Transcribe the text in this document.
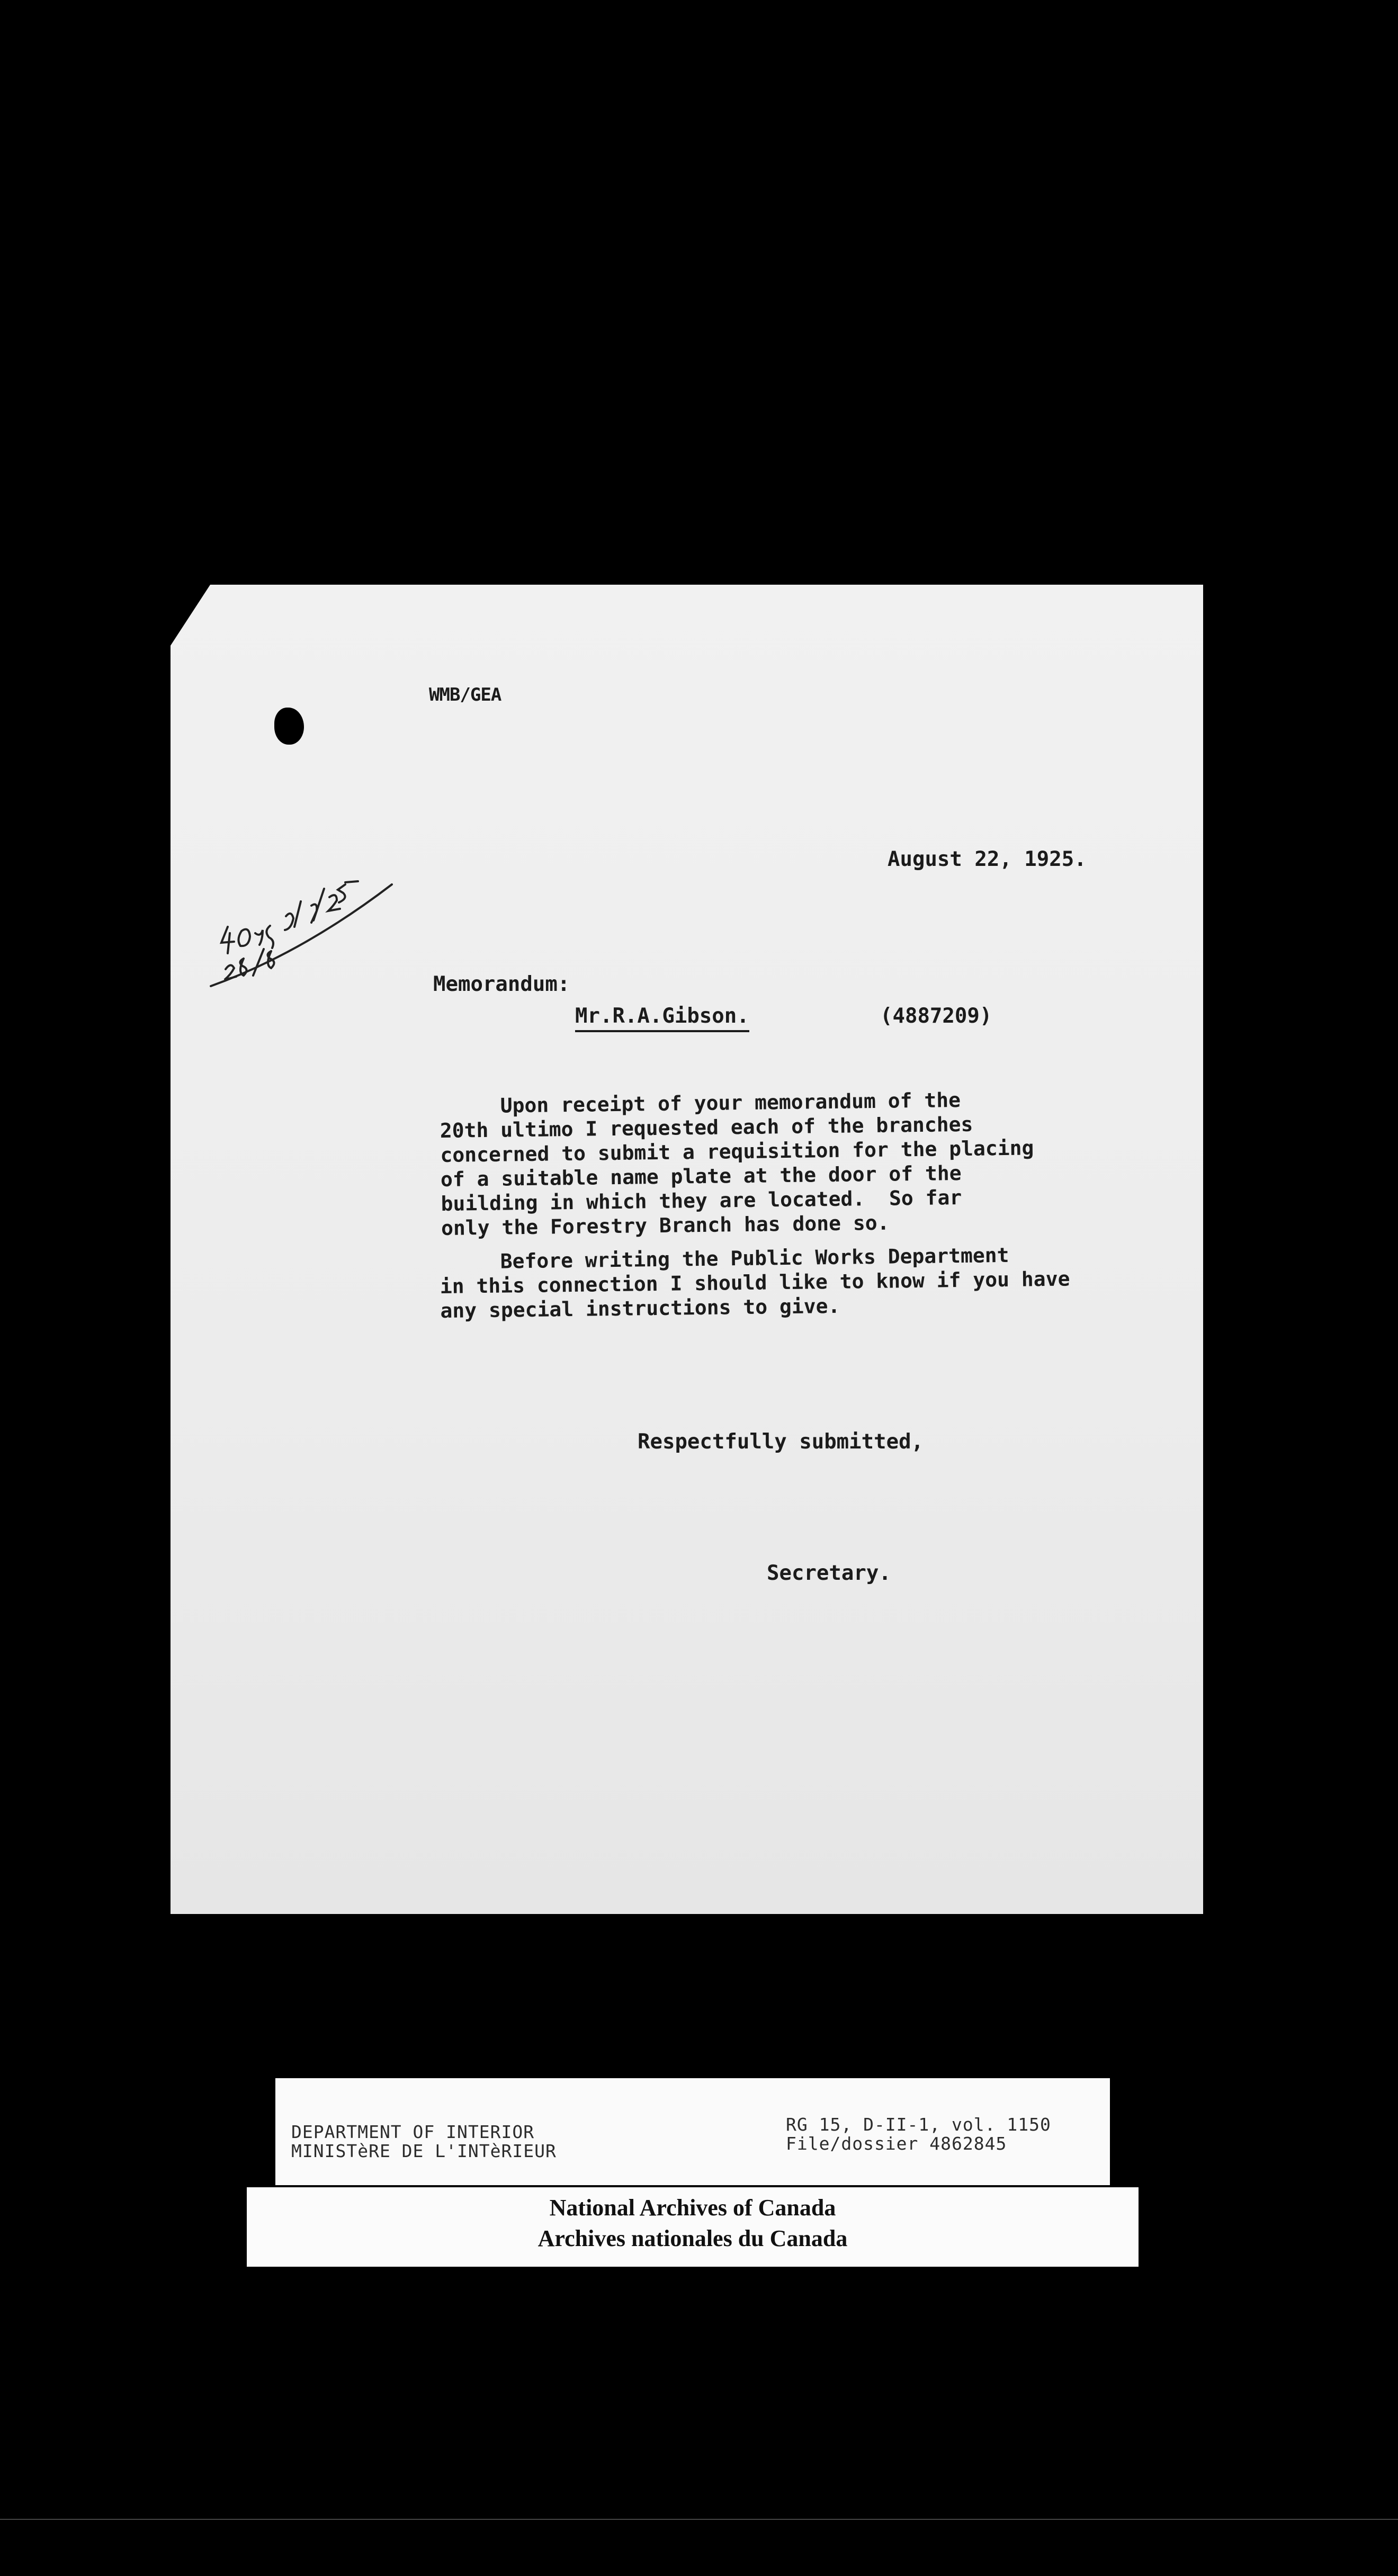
WMB/GEA

August 22, 1925.

Memorandum:

Mr.R.A.Gibson.	(4887209)

Upon receipt of your memorandum of the
20th ultimo I requested each of the branches
concerned to submit a requisition for the placing
of a suitable name plate at the door of the
building in which they are located.  So far
only the Forestry Branch has done so.

Before writing the Public Works Department
in this connection I should like to know if you have
any special instructions to give.

Respectfully submitted,

Secretary.

DEPARTMENT OF INTERIOR
MINISTèRE DE L'INTèRIEUR

RG 15, D-II-1, vol. 1150
File/dossier 4862845

National Archives of Canada
Archives nationales du Canada
